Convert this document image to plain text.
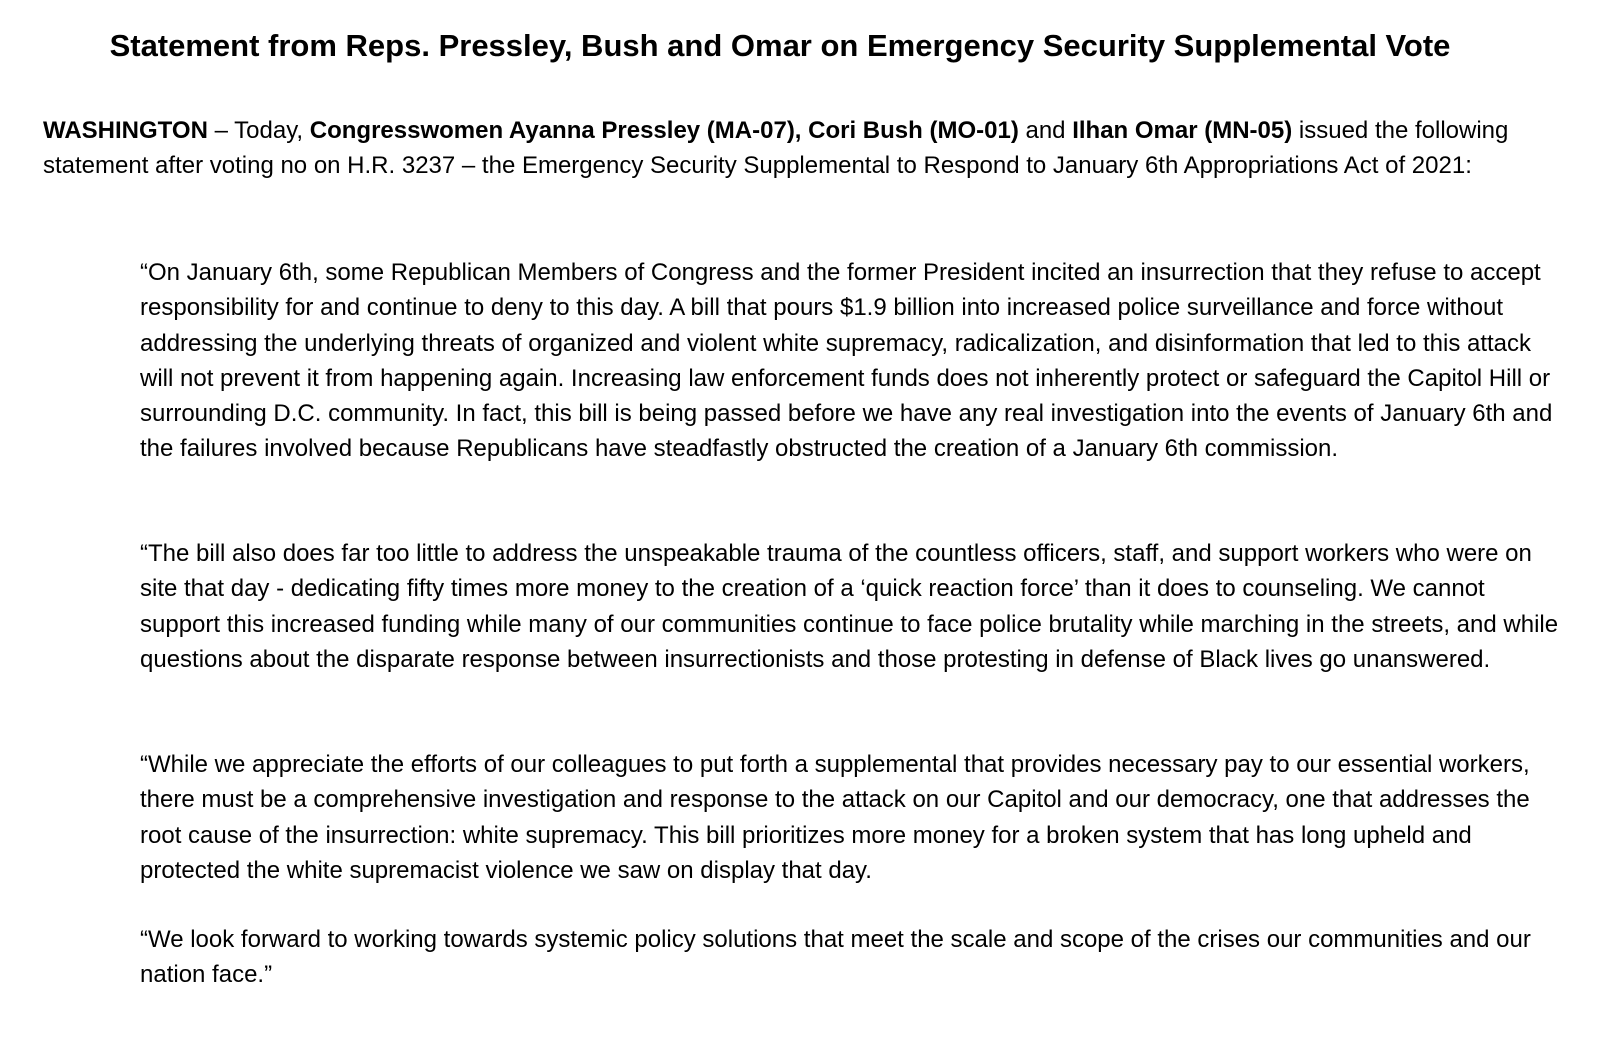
Statement from Reps. Pressley, Bush and Omar on Emergency Security Supplemental Vote

WASHINGTON – Today, Congresswomen Ayanna Pressley (MA-07), Cori Bush (MO-01) and Ilhan Omar (MN-05) issued the following statement after voting no on H.R. 3237 – the Emergency Security Supplemental to Respond to January 6th Appropriations Act of 2021:

“On January 6th, some Republican Members of Congress and the former President incited an insurrection that they refuse to accept responsibility for and continue to deny to this day. A bill that pours $1.9 billion into increased police surveillance and force without addressing the underlying threats of organized and violent white supremacy, radicalization, and disinformation that led to this attack will not prevent it from happening again. Increasing law enforcement funds does not inherently protect or safeguard the Capitol Hill or surrounding D.C. community. In fact, this bill is being passed before we have any real investigation into the events of January 6th and the failures involved because Republicans have steadfastly obstructed the creation of a January 6th commission.

“The bill also does far too little to address the unspeakable trauma of the countless officers, staff, and support workers who were on site that day - dedicating fifty times more money to the creation of a ‘quick reaction force’ than it does to counseling. We cannot support this increased funding while many of our communities continue to face police brutality while marching in the streets, and while questions about the disparate response between insurrectionists and those protesting in defense of Black lives go unanswered.

“While we appreciate the efforts of our colleagues to put forth a supplemental that provides necessary pay to our essential workers, there must be a comprehensive investigation and response to the attack on our Capitol and our democracy, one that addresses the root cause of the insurrection: white supremacy. This bill prioritizes more money for a broken system that has long upheld and protected the white supremacist violence we saw on display that day.

“We look forward to working towards systemic policy solutions that meet the scale and scope of the crises our communities and our nation face.”
